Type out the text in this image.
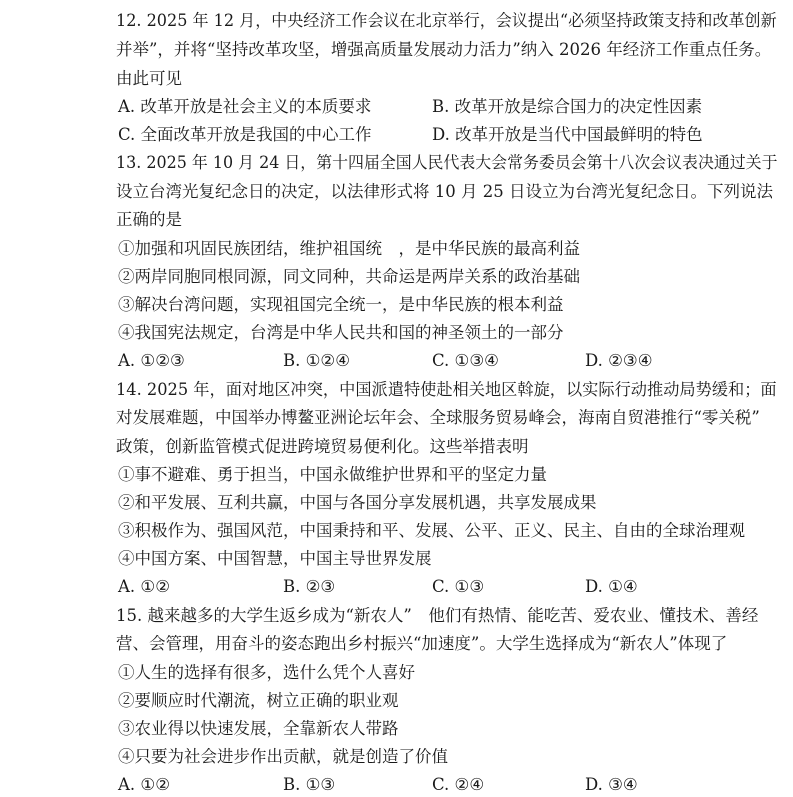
12. 2025 年 12 月，中央经济工作会议在北京举行，会议提出“必须坚持政策支持和改革创新
并举”，并将“坚持改革攻坚，增强高质量发展动力活力”纳入 2026 年经济工作重点任务。
由此可见
A. 改革开放是社会主义的本质要求	B. 改革开放是综合国力的决定性因素
C. 全面改革开放是我国的中心工作	D. 改革开放是当代中国最鲜明的特色
13. 2025 年 10 月 24 日，第十四届全国人民代表大会常务委员会第十八次会议表决通过关于
设立台湾光复纪念日的决定，以法律形式将 10 月 25 日设立为台湾光复纪念日。下列说法
正确的是
①加强和巩固民族团结，维护祖国统　，是中华民族的最高利益
②两岸同胞同根同源，同文同种，共命运是两岸关系的政治基础
③解决台湾问题，实现祖国完全统一，是中华民族的根本利益
④我国宪法规定，台湾是中华人民共和国的神圣领土的一部分
A. ①②③	B. ①②④	C. ①③④	D. ②③④
14. 2025 年，面对地区冲突，中国派遣特使赴相关地区斡旋，以实际行动推动局势缓和；面
对发展难题，中国举办博鳌亚洲论坛年会、全球服务贸易峰会，海南自贸港推行“零关税”
政策，创新监管模式促进跨境贸易便利化。这些举措表明
①事不避难、勇于担当，中国永做维护世界和平的坚定力量
②和平发展、互利共赢，中国与各国分享发展机遇，共享发展成果
③积极作为、强国风范，中国秉持和平、发展、公平、正义、民主、自由的全球治理观
④中国方案、中国智慧，中国主导世界发展
A. ①②	B. ②③	C. ①③	D. ①④
15. 越来越多的大学生返乡成为“新农人”　他们有热情、能吃苦、爱农业、懂技术、善经
营、会管理，用奋斗的姿态跑出乡村振兴“加速度”。大学生选择成为“新农人”体现了
①人生的选择有很多，选什么凭个人喜好
②要顺应时代潮流，树立正确的职业观
③农业得以快速发展，全靠新农人带路
④只要为社会进步作出贡献，就是创造了价值
A. ①②	B. ①③	C. ②④	D. ③④
